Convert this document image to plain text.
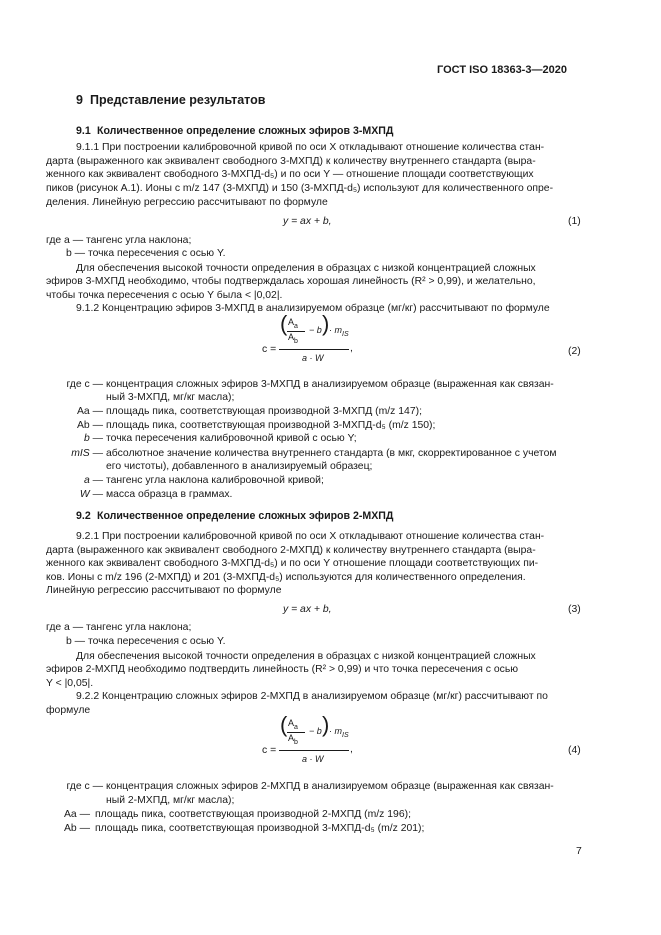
ГОСТ ISO 18363-3—2020
9 Представление результатов
9.1 Количественное определение сложных эфиров 3-МХПД
9.1.1 При построении калибровочной кривой по оси X откладывают отношение количества стан-
дарта (выраженного как эквивалент свободного 3-МХПД) к количеству внутреннего стандарта (выра-
женного как эквивалент свободного 3-МХПД-d₅) и по оси Y — отношение площади соответствующих
пиков (рисунок А.1). Ионы с m/z 147 (3-МХПД) и 150 (3-МХПД-d₅) используют для количественного опре-
деления. Линейную регрессию рассчитывают по формуле
y = ax + b,	(1)
где a — тангенс угла наклона;
b — точка пересечения с осью Y.
Для обеспечения высокой точности определения в образцах с низкой концентрацией сложных
эфиров 3-МХПД необходимо, чтобы подтверждалась хорошая линейность (R² > 0,99), и желательно,
чтобы точка пересечения c осью Y была < |0,02|.
9.1.2 Концентрацию эфиров 3-МХПД в анализируемом образце (мг/кг) рассчитывают по формуле
c =
( $A_a$
$A_b$
− b ) · $m_{IS}$
a · W
,	(2)
где c — концентрация сложных эфиров 3-МХПД в анализируемом образце (выраженная как связан-
ный 3-МХПД, мг/кг масла);
Aa — площадь пика, соответствующая производной 3-МХПД (m/z 147);
Ab — площадь пика, соответствующая производной 3-МХПД-d₅ (m/z 150);
b — точка пересечения калибровочной кривой c осью Y;
mIS — абсолютное значение количества внутреннего стандарта (в мкг, скорректированное с учетом
его чистоты), добавленного в анализируемый образец;
a — тангенс угла наклона калибровочной кривой;
W — масса образца в граммах.
9.2 Количественное определение сложных эфиров 2-МХПД
9.2.1 При построении калибровочной кривой по оси X откладывают отношение количества стан-
дарта (выраженного как эквивалент свободного 2-МХПД) к количеству внутреннего стандарта (выра-
женного как эквивалент свободного 3-МХПД-d₅) и по оси Y отношение площади соответствующих пи-
ков. Ионы с m/z 196 (2-МХПД) и 201 (3-МХПД-d₅) используются для количественного определения.
Линейную регрессию рассчитывают по формуле
y = ax + b,	(3)
где a — тангенс угла наклона;
b — точка пересечения с осью Y.
Для обеспечения высокой точности определения в образцах c низкой концентрацией сложных
эфиров 2-МХПД необходимо подтвердить линейность (R² > 0,99) и что точка пересечения c осью
Y < |0,05|.
9.2.2 Концентрацию сложных эфиров 2-МХПД в анализируемом образце (мг/кг) рассчитывают по
формуле
c =
( $A_a$
$A_b$
− b ) · $m_{IS}$
a · W
,	(4)
где c — концентрация сложных эфиров 2-МХПД в анализируемом образце (выраженная как связан-
ный 2-МХПД, мг/кг масла);
Aa — площадь пика, соответствующая производной 2-МХПД (m/z 196);
Ab — площадь пика, соответствующая производной 3-МХПД-d₅ (m/z 201);
7
